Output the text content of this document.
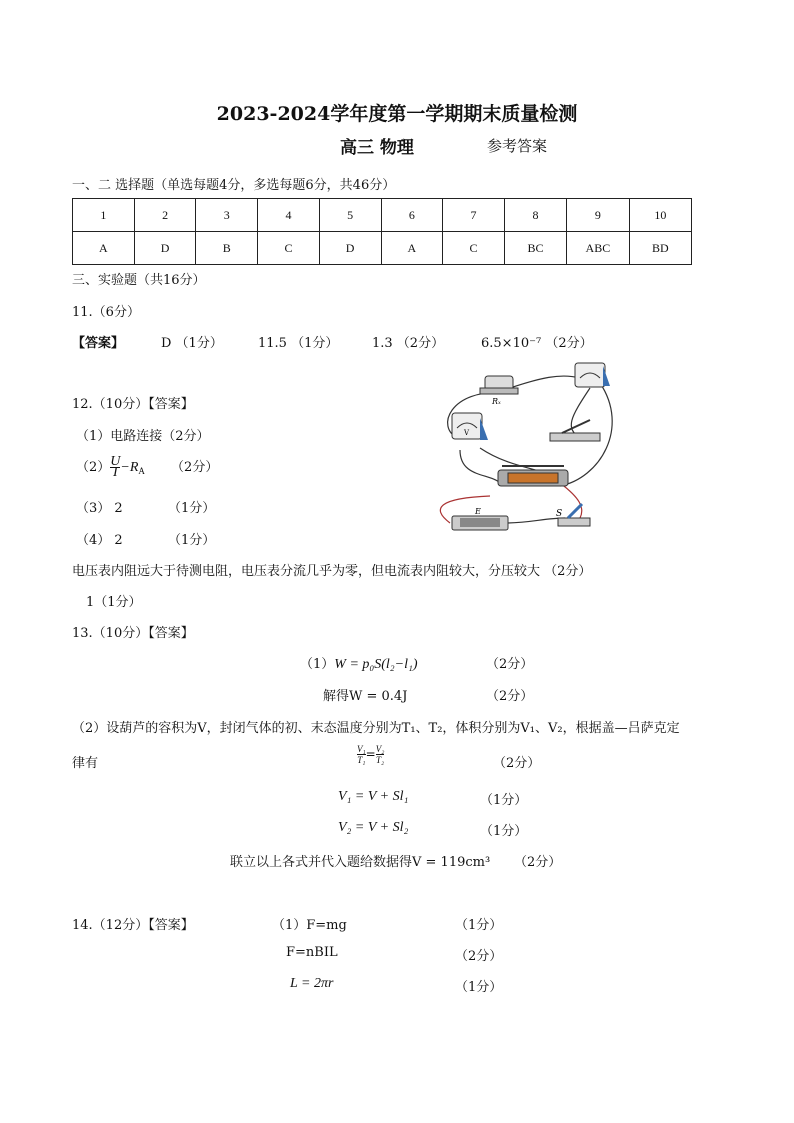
2023-2024学年度第一学期期末质量检测
高三 物理	参考答案
一、二 选择题（单选每题4分，多选每题6分，共46分）
1	2	3	4	5	6	7	8	9	10
A	D	B	C	D	A	C	BC	ABC	BD
三、实验题（共16分）
11.（6分）
【答案】	D （1分）	11.5 （1分）	1.3 （2分）	6.5×10⁻⁷ （2分）
12.（10分）【答案】
（1）电路连接（2分）
$(2) \frac{U}{I} -R_A$ （2分）
（3） 2	（1分）
（4） 2	（1分）
电压表内阻远大于待测电阻，电压表分流几乎为零，但电流表内阻较大，分压较大 （2分）
1（1分）
Rₓ
V
E	S
13.（10分）【答案】
（1）W = p₀S(l₂−l₁)	（2分）
解得W = 0.4J	（2分）
（2）设葫芦的容积为V，封闭气体的初、末态温度分别为T₁、T₂，体积分别为V₁、V₂，根据盖—吕萨克定
律有	$\frac{\text{V₁}}{\text{T₁}} = \frac{\text{V₂}}{\text{T₂}}$	（2分）
V₁ = V + Sl₁	（1分）
V₂ = V + Sl₂	（1分）
联立以上各式并代入题给数据得V = 119cm³ （2分）
14.（12分）【答案】	（1）F=mg	（1分）
F=nBIL	（2分）
L = 2πr	（1分）
